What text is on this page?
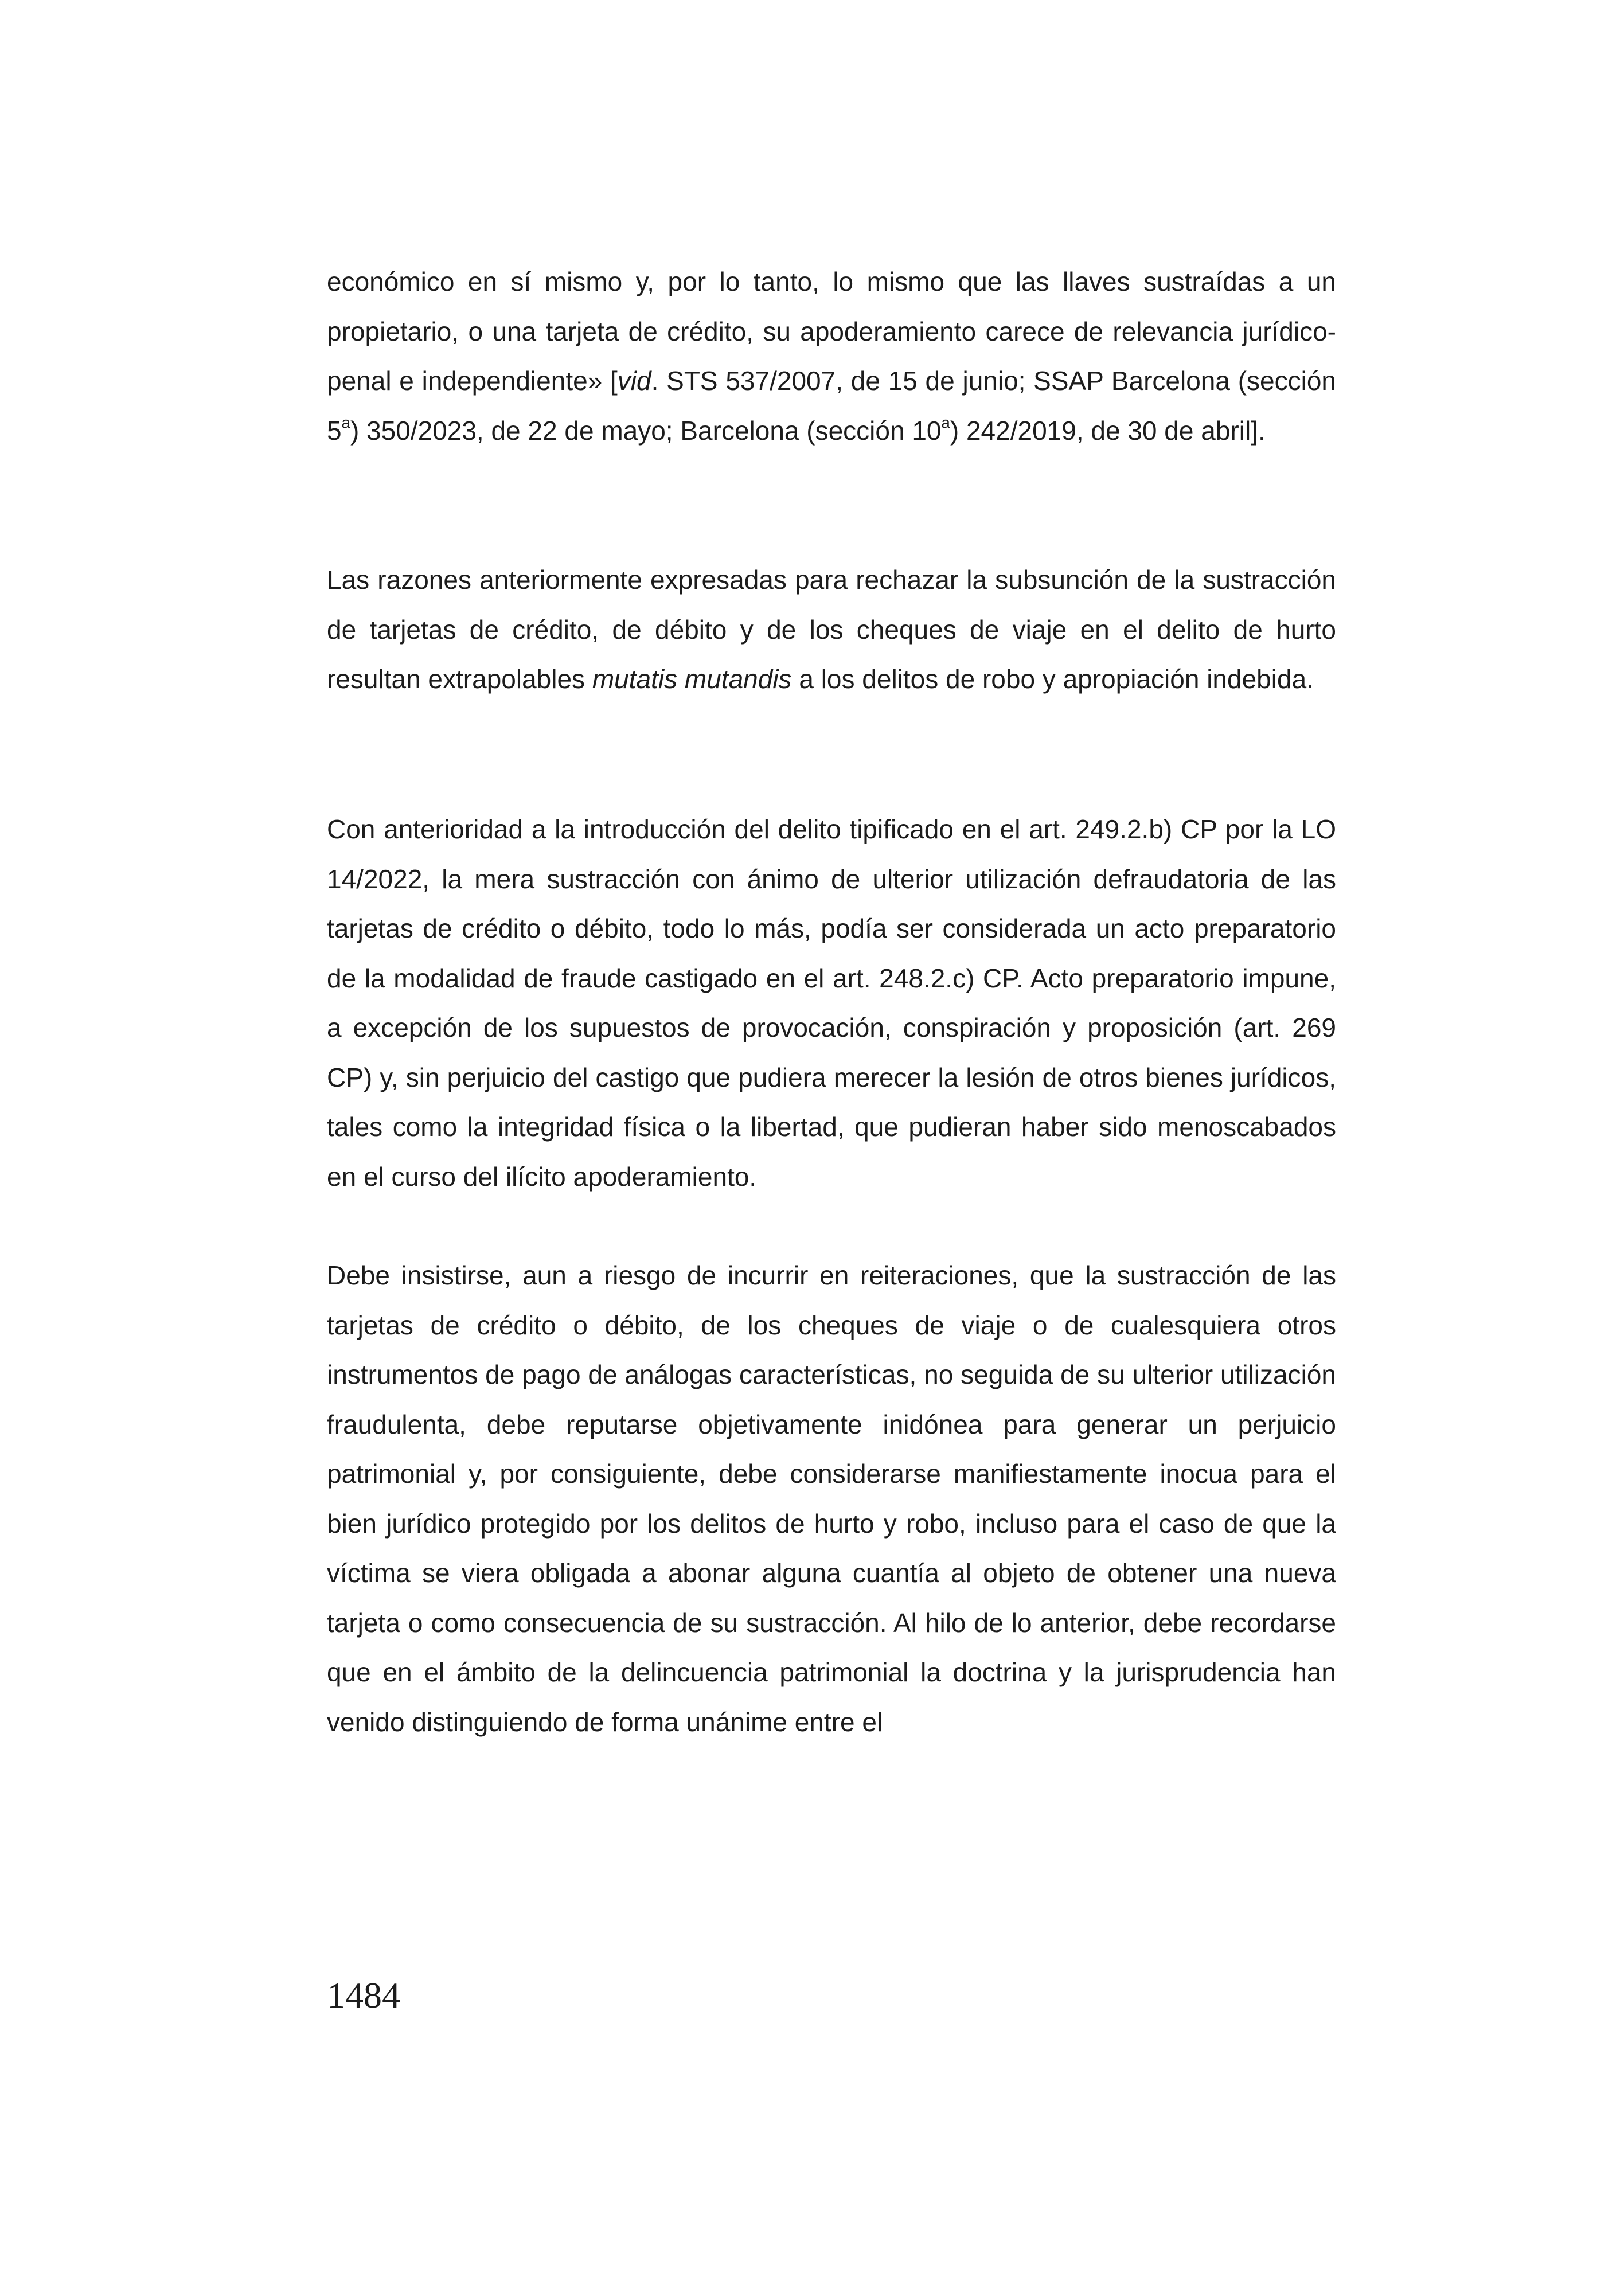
económico en sí mismo y, por lo tanto, lo mismo que las llaves sustraídas a un propietario, o una tarjeta de crédito, su apoderamiento carece de relevancia jurídico-penal e independiente» [vid. STS 537/2007, de 15 de junio; SSAP Barcelona (sección 5$^a$) 350/2023, de 22 de mayo; Barcelona (sección 10$^a$) 242/2019, de 30 de abril].

Las razones anteriormente expresadas para rechazar la subsunción de la sustracción de tarjetas de crédito, de débito y de los cheques de viaje en el delito de hurto resultan extrapolables mutatis mutandis a los delitos de robo y apropiación indebida.

Con anterioridad a la introducción del delito tipificado en el art. 249.2.b) CP por la LO 14/2022, la mera sustracción con ánimo de ulterior utilización defraudatoria de las tarjetas de crédito o débito, todo lo más, podía ser considerada un acto preparatorio de la modalidad de fraude castigado en el art. 248.2.c) CP. Acto preparatorio impune, a excepción de los supuestos de provocación, conspiración y proposición (art. 269 CP) y, sin perjuicio del castigo que pudiera merecer la lesión de otros bienes jurídicos, tales como la integridad física o la libertad, que pudieran haber sido menoscabados en el curso del ilícito apoderamiento.

Debe insistirse, aun a riesgo de incurrir en reiteraciones, que la sustracción de las tarjetas de crédito o débito, de los cheques de viaje o de cualesquiera otros instrumentos de pago de análogas características, no seguida de su ulterior utilización fraudulenta, debe reputarse objetivamente inidónea para generar un perjuicio patrimonial y, por consiguiente, debe considerarse manifiestamente inocua para el bien jurídico protegido por los delitos de hurto y robo, incluso para el caso de que la víctima se viera obligada a abonar alguna cuantía al objeto de obtener una nueva tarjeta o como consecuencia de su sustracción. Al hilo de lo anterior, debe recordarse que en el ámbito de la delincuencia patrimonial la doctrina y la jurisprudencia han venido distinguiendo de forma unánime entre el

1484
